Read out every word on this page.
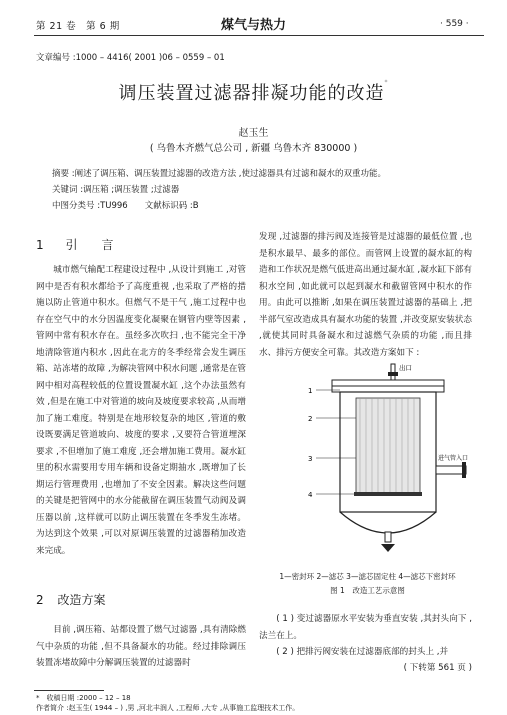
第 21 卷　第 6 期	煤气与热力	· 559 ·
文章编号 :1000 – 4416( 2001 )06 – 0559 – 01
调压装置过滤器排凝功能的改造*
赵玉生
( 乌鲁木齐燃气总公司 , 新疆 乌鲁木齐 830000 )
摘要 :阐述了调压箱、调压装置过滤器的改造方法 ,使过滤器具有过滤和凝水的双重功能。
关键词 :调压箱 ;调压装置 ;过滤器
中图分类号 :TU996　　文献标识码 :B
1 引　　言
城市燃气输配工程建设过程中 ,从设计到施工 ,对管网中是否有积水都给予了高度重视 ,也采取了严格的措施以防止管道中积水。但燃气不是干气 ,施工过程中也存在空气中的水分因温度变化凝聚在钢管内壁等因素 ,管网中常有积水存在。虽经多次吹扫 ,也不能完全干净地清除管道内积水 ,因此在北方的冬季经常会发生调压箱、站冻堵的故障 ,为解决管网中积水问题 ,通常是在管网中相对高程较低的位置设置凝水缸 ,这个办法虽然有效 ,但是在施工中对管道的坡向及坡度要求较高 ,从而增加了施工难度。特别是在地形较复杂的地区 ,管道的敷设既要满足管道坡向、坡度的要求 ,又要符合管道埋深要求 ,不但增加了施工难度 ,还会增加施工费用。凝水缸里的积水需要用专用车辆和设备定期抽水 ,既增加了长期运行管理费用 ,也增加了不安全因素。解决这些问题的关键是把管网中的水分能截留在调压装置气动阀及调压器以前 ,这样就可以防止调压装置在冬季发生冻堵。为达到这个效果 ,可以对原调压装置的过滤器稍加改造来完成。
2 改造方案
目前 ,调压箱、站都设置了燃气过滤器 ,具有清除燃气中杂质的功能 ,但不具备凝水的功能。经过排除调压装置冻堵故障中分解调压装置的过滤器时
发现 ,过滤器的排污阀及连接管是过滤器的最低位置 ,也是积水最早、最多的部位。而管网上设置的凝水缸的构造和工作状况是燃气低进高出通过凝水缸 ,凝水缸下部有积水空间 ,如此就可以起到凝水和截留管网中积水的作用。由此可以推断 ,如果在调压装置过滤器的基础上 ,把半部气室改造成具有凝水功能的装置 ,并改变原安装状态 ,就使其同时具备凝水和过滤燃气杂质的功能 ,而且排水、排污方便安全可靠。其改造方案如下 :
1
2
3
4
出口
进气管入口
1—密封环 2—滤芯 3—滤芯固定柱 4—滤芯下密封环
图 1　改造工艺示意图
( 1 ) 变过滤器原水平安装为垂直安装 ,其封头向下 ,法兰在上。
( 2 ) 把排污阀安装在过滤器底部的封头上 ,并
( 下转第 561 页 )
*　收稿日期 :2000 – 12 – 18
作者简介 :赵玉生( 1944 – ) ,男 ,河北丰润人 ,工程师 ,大专 ,从事施工监理技术工作。
